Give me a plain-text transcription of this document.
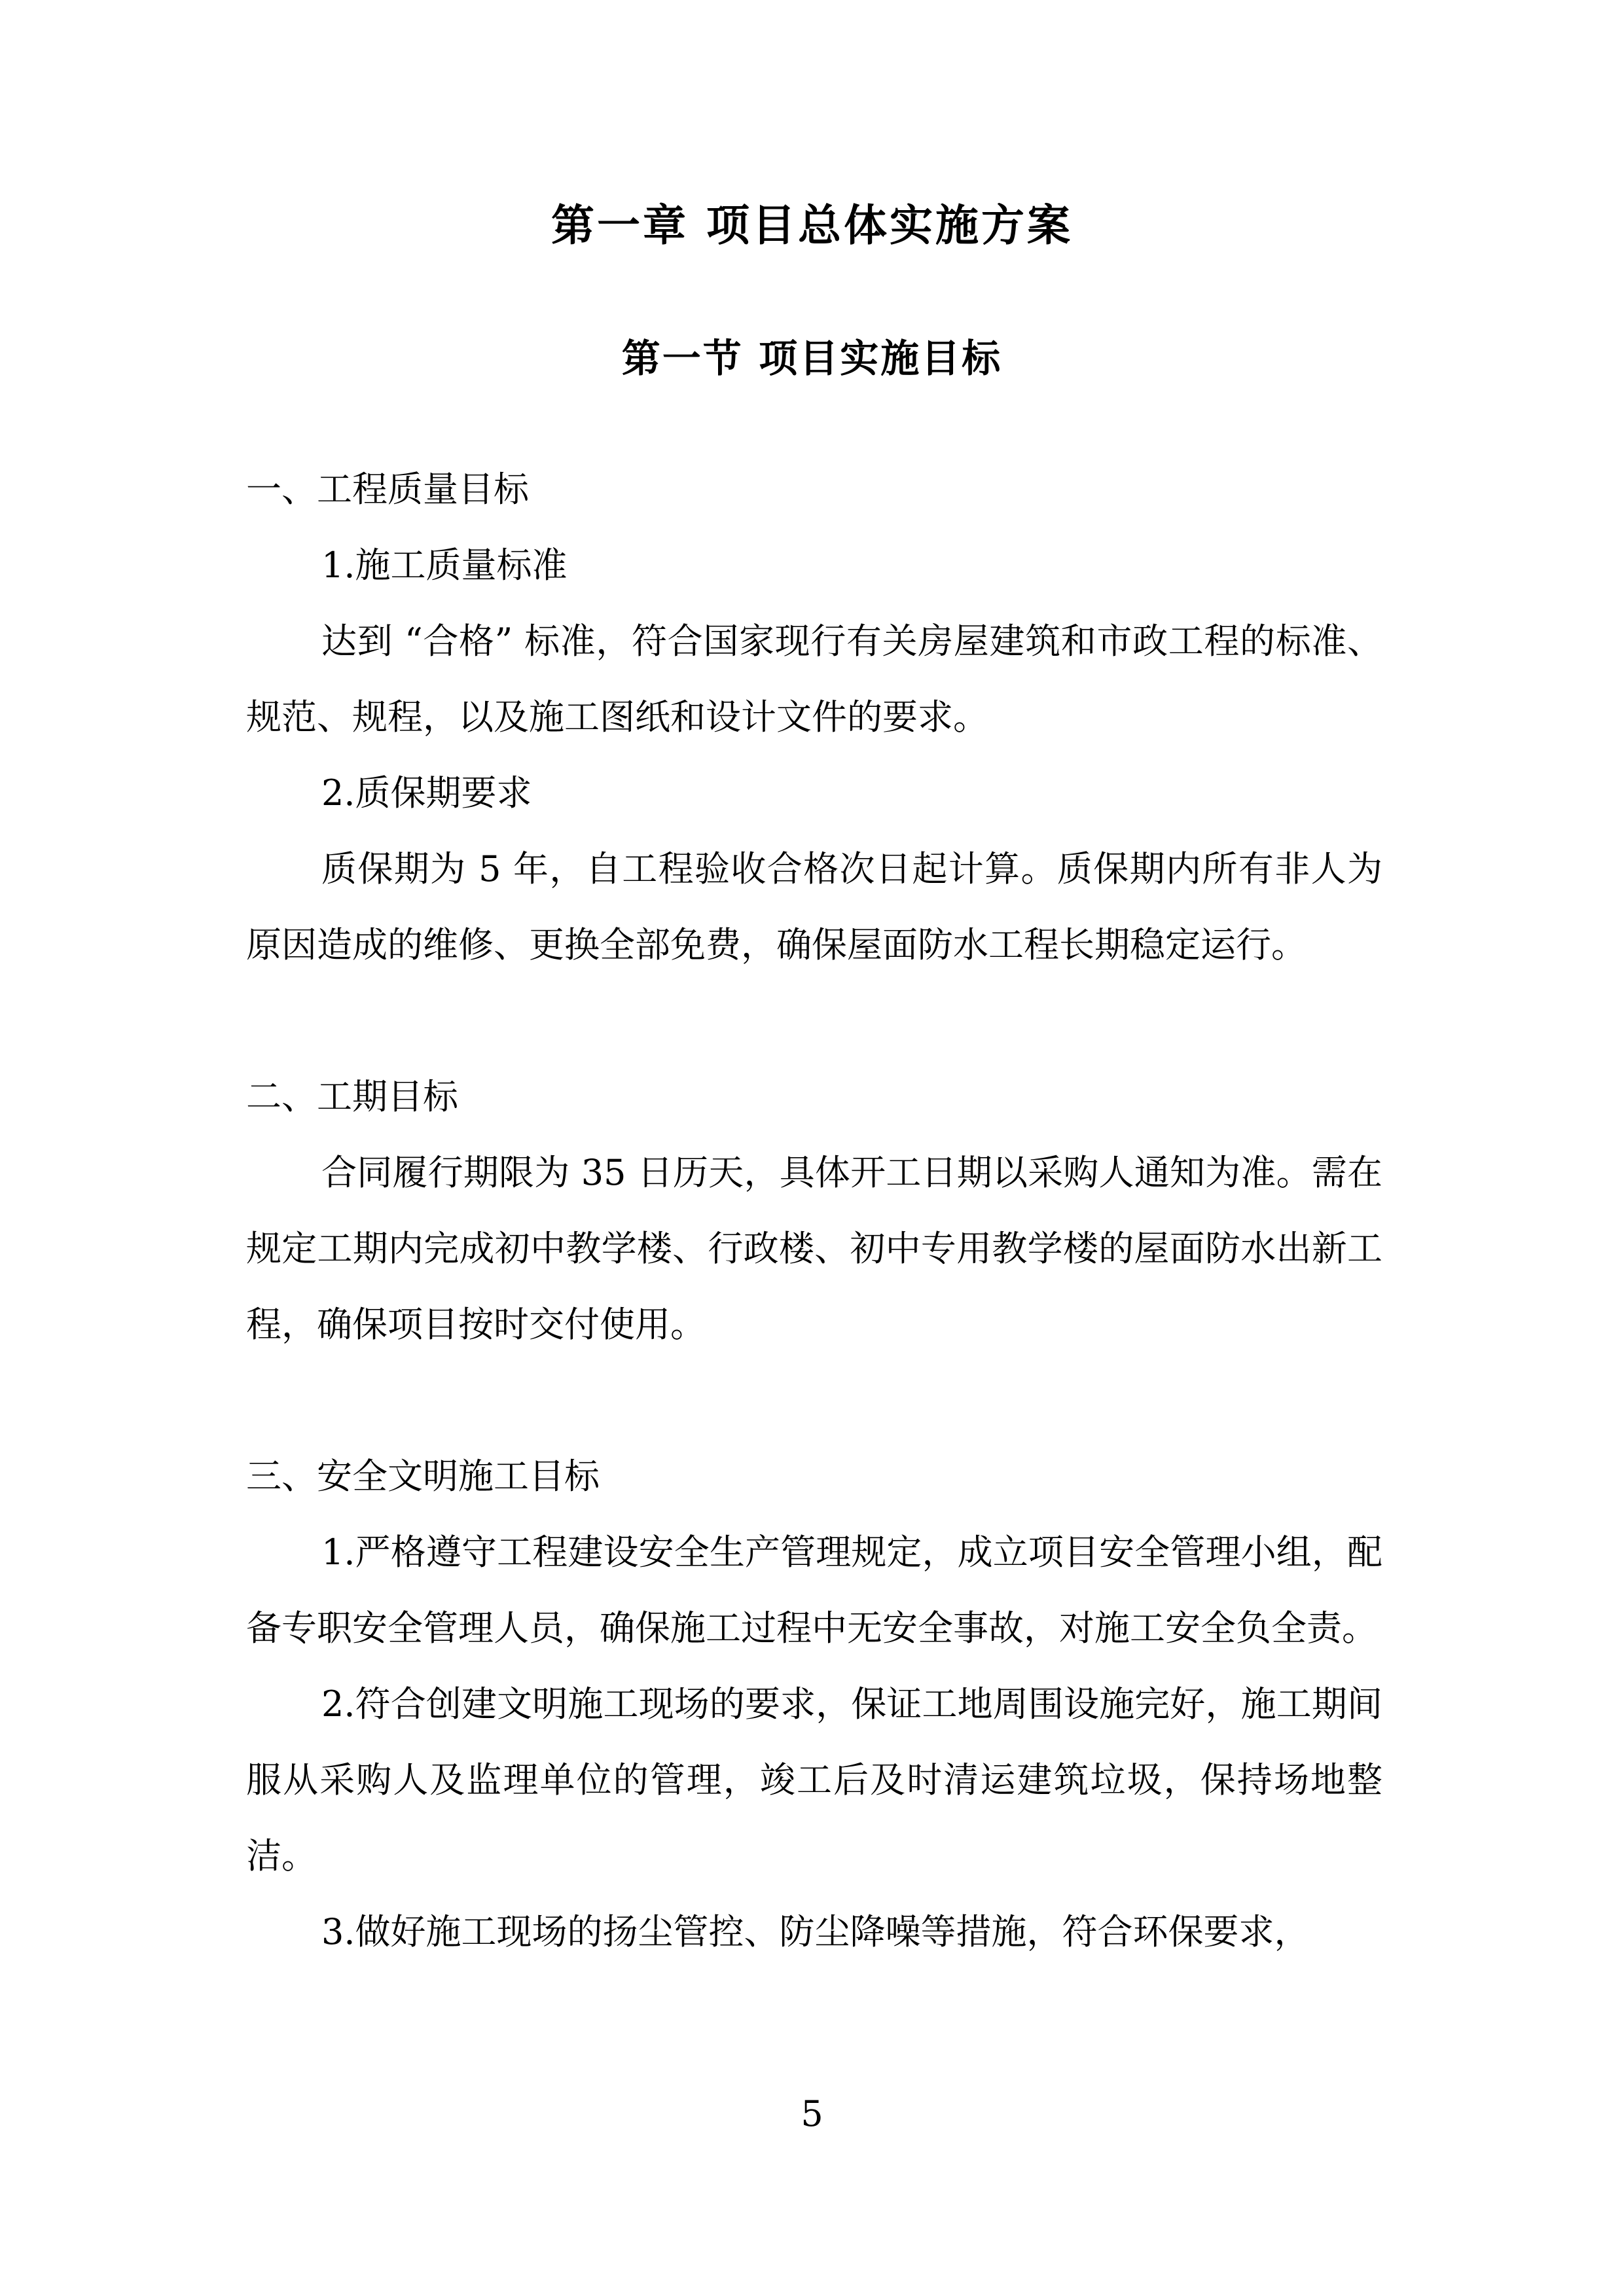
第一章 项目总体实施方案
第一节 项目实施目标

一、工程质量目标

1.施工质量标准

达到 “合格” 标准，符合国家现行有关房屋建筑和市政工程的标准、规范、规程，以及施工图纸和设计文件的要求。

2.质保期要求

质保期为 5 年，自工程验收合格次日起计算。质保期内所有非人为原因造成的维修、更换全部免费，确保屋面防水工程长期稳定运行。

二、工期目标

合同履行期限为 35 日历天，具体开工日期以采购人通知为准。需在规定工期内完成初中教学楼、行政楼、初中专用教学楼的屋面防水出新工程，确保项目按时交付使用。

三、安全文明施工目标

1.严格遵守工程建设安全生产管理规定，成立项目安全管理小组，配备专职安全管理人员，确保施工过程中无安全事故，对施工安全负全责。

2.符合创建文明施工现场的要求，保证工地周围设施完好，施工期间服从采购人及监理单位的管理，竣工后及时清运建筑垃圾，保持场地整洁。

3.做好施工现场的扬尘管控、防尘降噪等措施，符合环保要求，

5
